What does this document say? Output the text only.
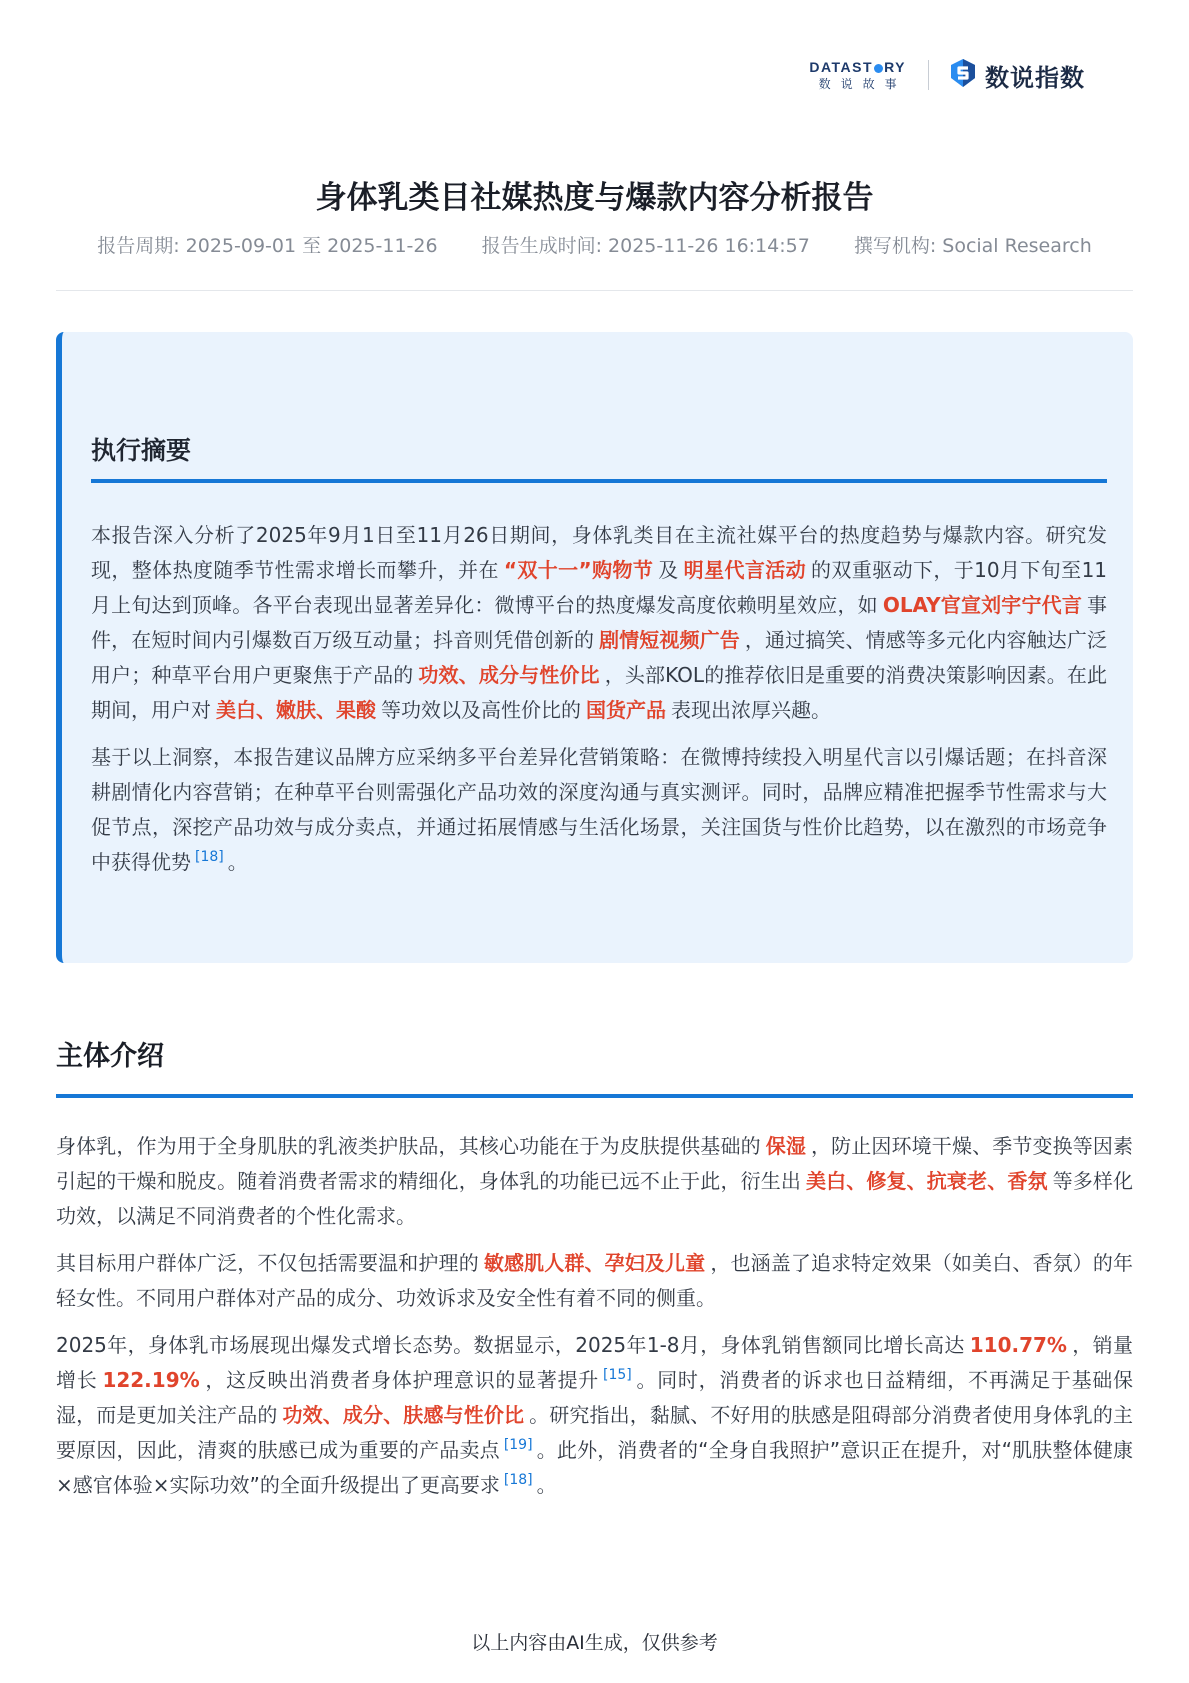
DATAST RY
数说故事	数说指数
身体乳类目社媒热度与爆款内容分析报告
报告周期: 2025-09-01 至 2025-11-26 报告生成时间: 2025-11-26 16:14:57 撰写机构: Social Research
执行摘要

本报告深入分析了2025年9月1日至11月26日期间，身体乳类目在主流社媒平台的热度趋势与爆款内容。研究发现，整体热度随季节性需求增长而攀升，并在 “双十一”购物节 及 明星代言活动 的双重驱动下，于10月下旬至11月上旬达到顶峰。各平台表现出显著差异化：微博平台的热度爆发高度依赖明星效应，如 OLAY官宣刘宇宁代言 事件，在短时间内引爆数百万级互动量；抖音则凭借创新的 剧情短视频广告 ，通过搞笑、情感等多元化内容触达广泛用户；种草平台用户更聚焦于产品的 功效、成分与性价比 ，头部KOL的推荐依旧是重要的消费决策影响因素。在此期间，用户对 美白、嫩肤、果酸 等功效以及高性价比的 国货产品 表现出浓厚兴趣。

基于以上洞察，本报告建议品牌方应采纳多平台差异化营销策略：在微博持续投入明星代言以引爆话题；在抖音深耕剧情化内容营销；在种草平台则需强化产品功效的深度沟通与真实测评。同时，品牌应精准把握季节性需求与大促节点，深挖产品功效与成分卖点，并通过拓展情感与生活化场景，关注国货与性价比趋势，以在激烈的市场竞争中获得优势 [18] 。

主体介绍

身体乳，作为用于全身肌肤的乳液类护肤品，其核心功能在于为皮肤提供基础的 保湿 ，防止因环境干燥、季节变换等因素引起的干燥和脱皮。随着消费者需求的精细化，身体乳的功能已远不止于此，衍生出 美白、修复、抗衰老、香氛 等多样化功效，以满足不同消费者的个性化需求。

其目标用户群体广泛，不仅包括需要温和护理的 敏感肌人群、孕妇及儿童 ，也涵盖了追求特定效果（如美白、香氛）的年轻女性。不同用户群体对产品的成分、功效诉求及安全性有着不同的侧重。

2025年，身体乳市场展现出爆发式增长态势。数据显示，2025年1-8月，身体乳销售额同比增长高达 110.77% ，销量增长 122.19% ，这反映出消费者身体护理意识的显著提升 [15] 。同时，消费者的诉求也日益精细，不再满足于基础保湿，而是更加关注产品的 功效、成分、肤感与性价比 。研究指出，黏腻、不好用的肤感是阻碍部分消费者使用身体乳的主要原因，因此，清爽的肤感已成为重要的产品卖点 [19] 。此外，消费者的“全身自我照护”意识正在提升，对“肌肤整体健康×感官体验×实际功效”的全面升级提出了更高要求 [18] 。

以上内容由AI生成，仅供参考
